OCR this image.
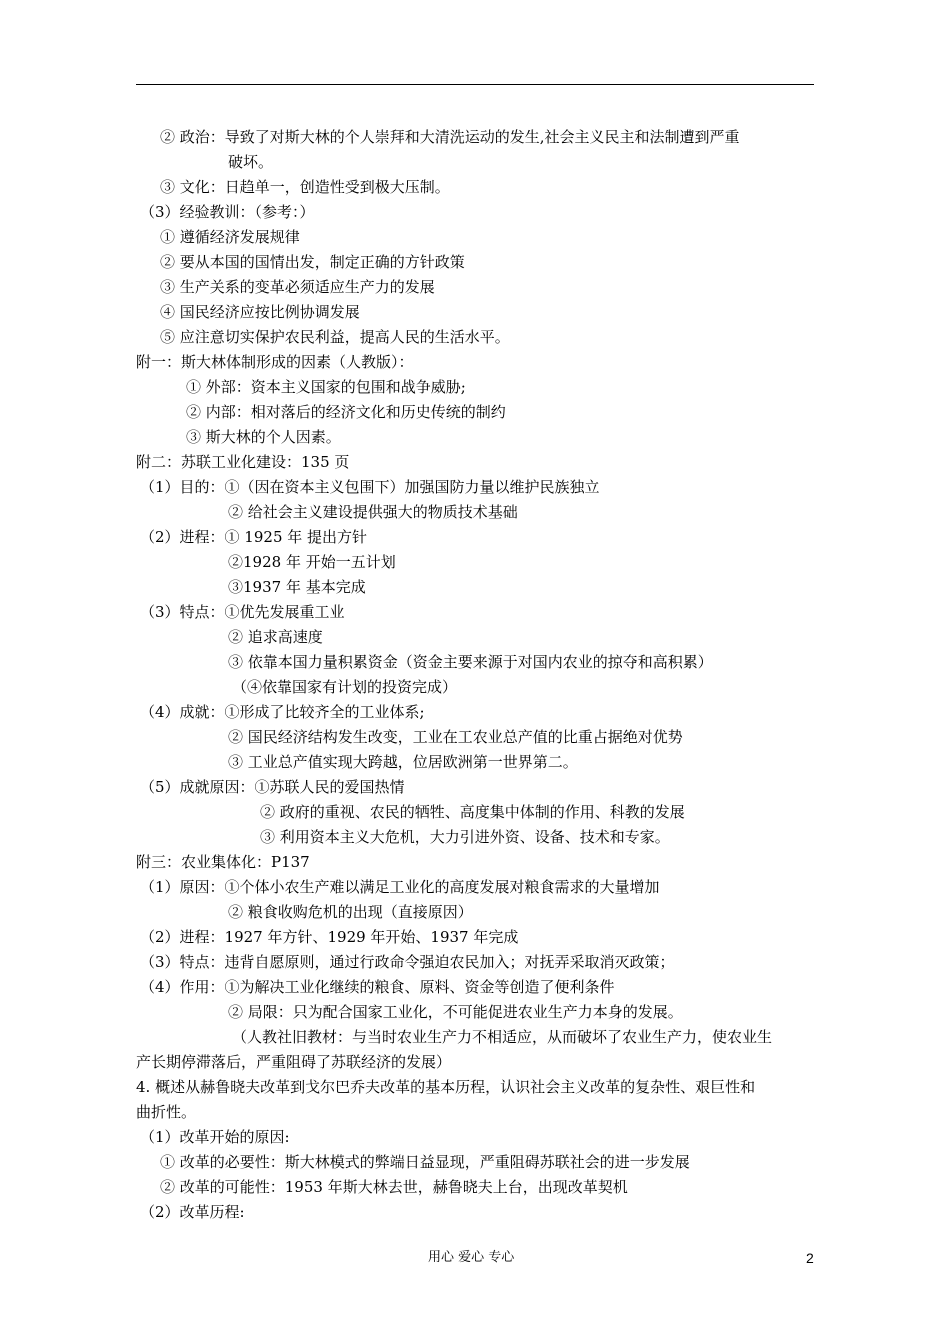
② 政治：导致了对斯大林的个人崇拜和大清洗运动的发生,社会主义民主和法制遭到严重
破坏。
③ 文化：日趋单一，创造性受到极大压制。
（3）经验教训：（参考：）
① 遵循经济发展规律
② 要从本国的国情出发，制定正确的方针政策
③ 生产关系的变革必须适应生产力的发展
④ 国民经济应按比例协调发展
⑤ 应注意切实保护农民利益，提高人民的生活水平。
附一：斯大林体制形成的因素（人教版）：
① 外部：资本主义国家的包围和战争威胁;
② 内部：相对落后的经济文化和历史传统的制约
③ 斯大林的个人因素。
附二：苏联工业化建设：135 页
（1）目的：①（因在资本主义包围下）加强国防力量以维护民族独立
② 给社会主义建设提供强大的物质技术基础
（2）进程：① 1925 年 提出方针
②1928 年 开始一五计划
③1937 年 基本完成
（3）特点：①优先发展重工业
② 追求高速度
③ 依靠本国力量积累资金（资金主要来源于对国内农业的掠夺和高积累）
（④依靠国家有计划的投资完成）
（4）成就：①形成了比较齐全的工业体系;
② 国民经济结构发生改变，工业在工农业总产值的比重占据绝对优势
③ 工业总产值实现大跨越，位居欧洲第一世界第二。
（5）成就原因：①苏联人民的爱国热情
② 政府的重视、农民的牺牲、高度集中体制的作用、科教的发展
③ 利用资本主义大危机，大力引进外资、设备、技术和专家。
附三：农业集体化：P137
（1）原因：①个体小农生产难以满足工业化的高度发展对粮食需求的大量增加
② 粮食收购危机的出现（直接原因）
（2）进程：1927 年方针、1929 年开始、1937 年完成
（3）特点：违背自愿原则，通过行政命令强迫农民加入；对抚弄采取消灭政策；
（4）作用：①为解决工业化继续的粮食、原料、资金等创造了便利条件
② 局限：只为配合国家工业化，不可能促进农业生产力本身的发展。
（人教社旧教材：与当时农业生产力不相适应，从而破坏了农业生产力，使农业生
产长期停滞落后，严重阻碍了苏联经济的发展）
4. 概述从赫鲁晓夫改革到戈尔巴乔夫改革的基本历程，认识社会主义改革的复杂性、艰巨性和
曲折性。
（1）改革开始的原因:
① 改革的必要性：斯大林模式的弊端日益显现，严重阻碍苏联社会的进一步发展
② 改革的可能性：1953 年斯大林去世，赫鲁晓夫上台，出现改革契机
（2）改革历程:
用心 爱心 专心	2
